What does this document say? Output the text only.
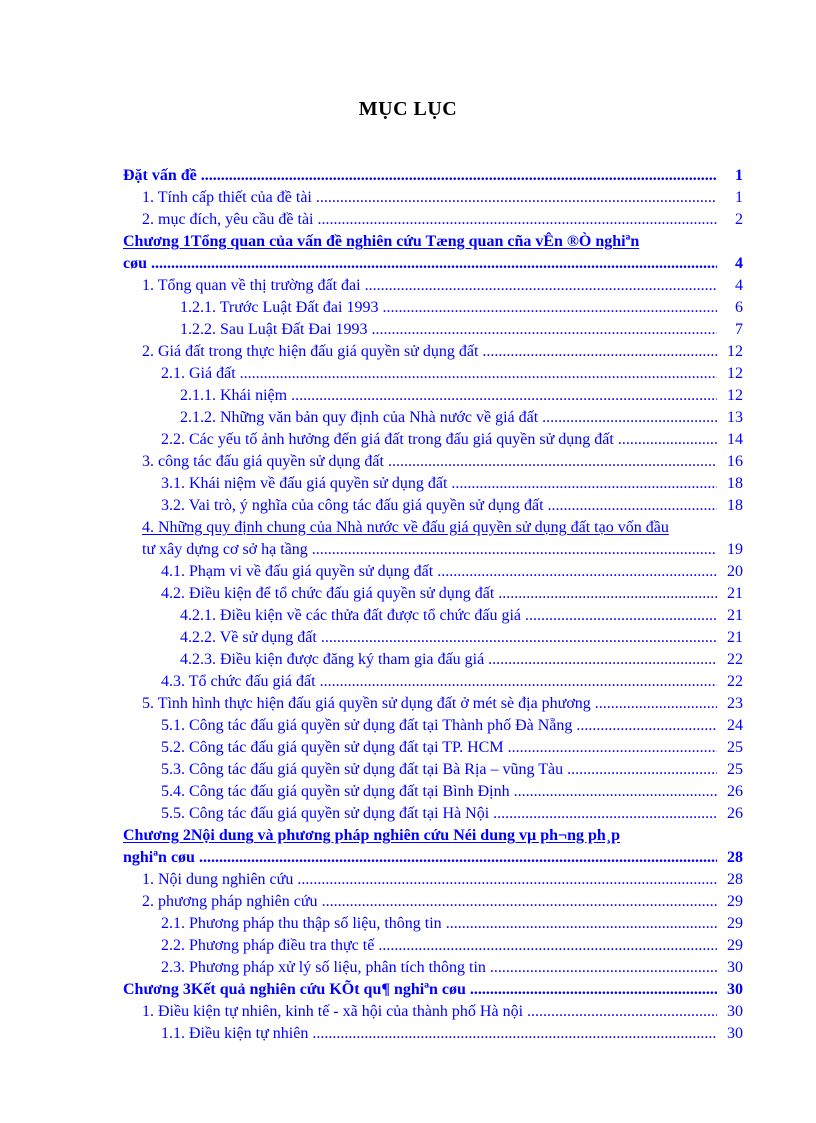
MỤC LỤC
Đặt vấn đề .....	1
1. Tính cấp thiết của đề tài .....	1
2. mục đích, yêu cầu đề tài .....	2
Chương 1Tổng quan của vấn đề nghiên cứu Tæng quan cña vÊn ®Ò nghiªn
cøu .....	4
1. Tổng quan về thị trường đất đai .....	4
1.2.1. Trước Luật Đất đai 1993 .....	6
1.2.2. Sau Luật Đất Đai 1993 .....	7
2. Giá đất trong thực hiện đấu giá quyền sử dụng đất .....	12
2.1. Giá đất .....	12
2.1.1. Khái niệm .....	12
2.1.2. Những văn bản quy định của Nhà nước về giá đất .....	13
2.2. Các yếu tố ảnh hưởng đến giá đất trong đấu giá quyền sử dụng đất .....	14
3. công tác đấu giá quyền sử dụng đất .....	16
3.1. Khái niệm về đấu giá quyền sử dụng đất .....	18
3.2. Vai trò, ý nghĩa của công tác đấu giá quyền sử dụng đất .....	18
4. Những quy định chung của Nhà nước về đấu giá quyền sử dụng đất tạo vốn đầu
tư xây dựng cơ sở hạ tầng .....	19
4.1. Phạm vi về đấu giá quyền sử dụng đất .....	20
4.2. Điều kiện để tổ chức đấu giá quyền sử dụng đất .....	21
4.2.1. Điều kiện về các thửa đất được tổ chức đấu giá .....	21
4.2.2. Về sử dụng đất .....	21
4.2.3. Điều kiện được đăng ký tham gia đấu giá .....	22
4.3. Tổ chức đấu giá đất .....	22
5. Tình hình thực hiện đấu giá quyền sử dụng đất ở mét sè địa phương .....	23
5.1. Công tác đấu giá quyền sử dụng đất tại Thành phố Đà Nẵng .....	24
5.2. Công tác đấu giá quyền sử dụng đất tại TP. HCM .....	25
5.3. Công tác đấu giá quyền sử dụng đất tại Bà Rịa – vũng Tàu .....	25
5.4. Công tác đấu giá quyền sử dụng đất tại Bình Định .....	26
5.5. Công tác đấu giá quyền sử dụng đất tại Hà Nội .....	26
Chương 2Nội dung và phương pháp nghiên cứu Néi dung vµ ph¬ng ph¸p
nghiªn cøu .....	28
1. Nội dung nghiên cứu .....	28
2. phương pháp nghiên cứu .....	29
2.1. Phương pháp thu thập số liệu, thông tin .....	29
2.2. Phương pháp điều tra thực tế .....	29
2.3. Phương pháp xử lý số liệu, phân tích thông tin .....	30
Chương 3Kết quả nghiên cứu KÕt qu¶ nghiªn cøu .....	30
1. Điều kiện tự nhiên, kinh tế - xã hội của thành phố Hà nội .....	30
1.1. Điều kiện tự nhiên .....	30
